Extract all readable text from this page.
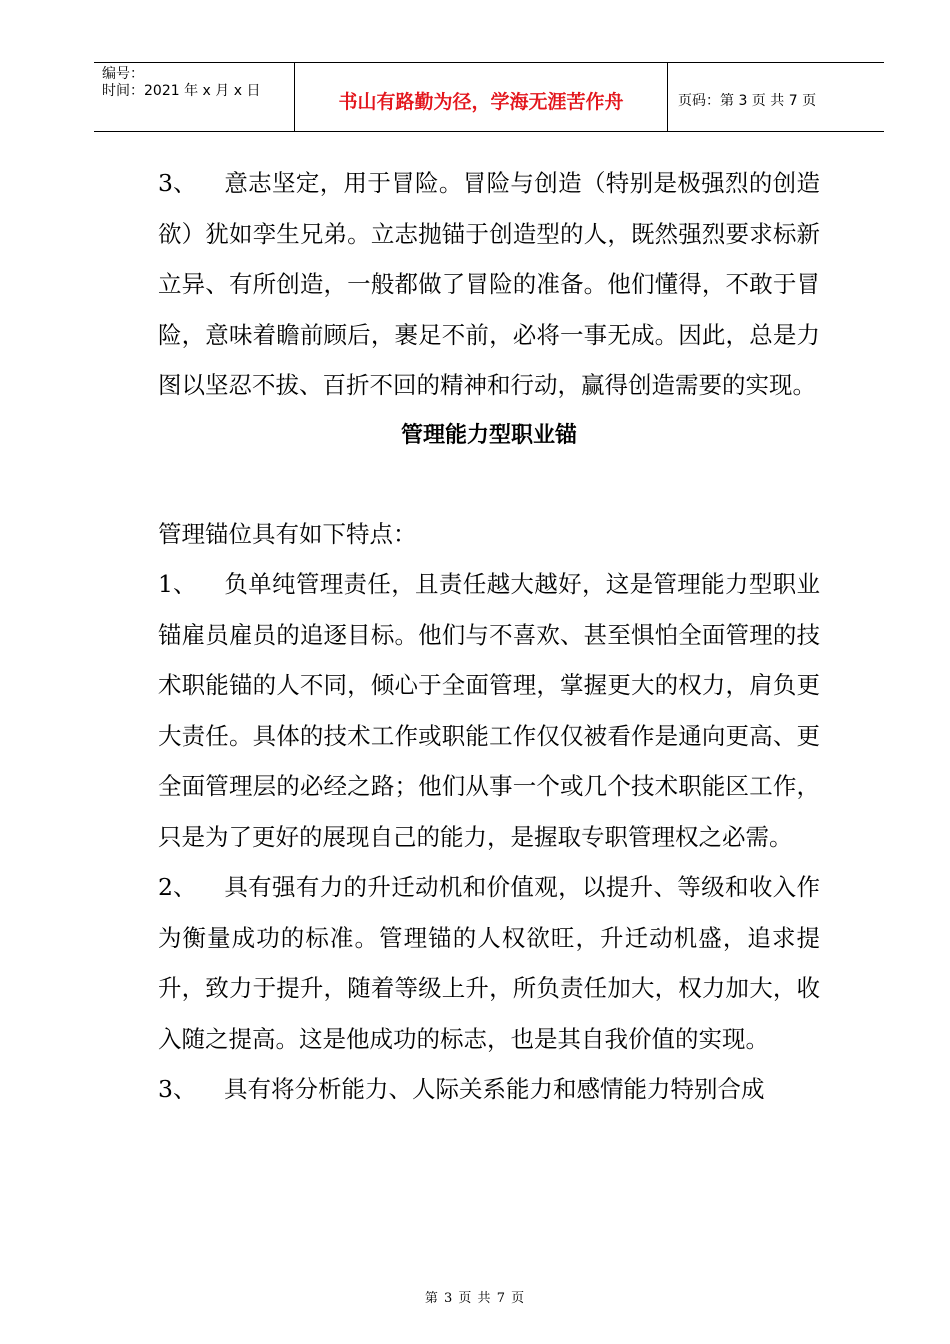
编号：
时间：2021 年 x 月 x 日	书山有路勤为径，学海无涯苦作舟	页码：第 3 页 共 7 页

3、 意志坚定，用于冒险。冒险与创造（特别是极强烈的创造欲）犹如孪生兄弟。立志抛锚于创造型的人，既然强烈要求标新立异、有所创造，一般都做了冒险的准备。他们懂得，不敢于冒险，意味着瞻前顾后，裹足不前，必将一事无成。因此，总是力图以坚忍不拔、百折不回的精神和行动，赢得创造需要的实现。

管理能力型职业锚

管理锚位具有如下特点：

1、 负单纯管理责任，且责任越大越好，这是管理能力型职业锚雇员雇员的追逐目标。他们与不喜欢、甚至惧怕全面管理的技术职能锚的人不同，倾心于全面管理，掌握更大的权力，肩负更大责任。具体的技术工作或职能工作仅仅被看作是通向更高、更全面管理层的必经之路；他们从事一个或几个技术职能区工作，只是为了更好的展现自己的能力，是握取专职管理权之必需。

2、 具有强有力的升迁动机和价值观，以提升、等级和收入作为衡量成功的标准。管理锚的人权欲旺，升迁动机盛，追求提升，致力于提升，随着等级上升，所负责任加大，权力加大，收入随之提高。这是他成功的标志，也是其自我价值的实现。

3、 具有将分析能力、人际关系能力和感情能力特别合成

第 3 页 共 7 页
